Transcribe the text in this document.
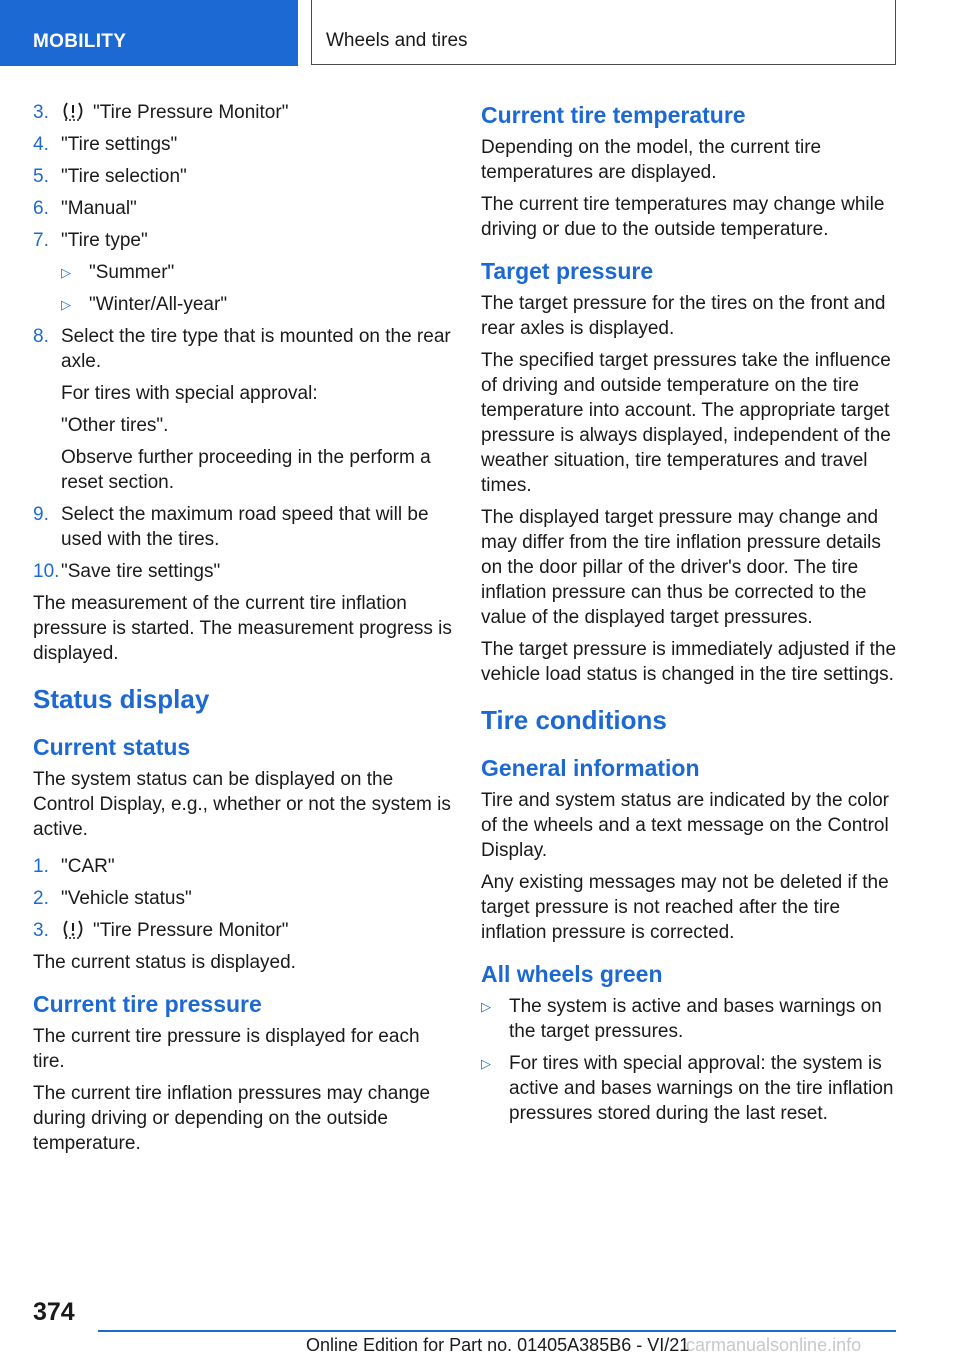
MOBILITY	Wheels and tires
3.	"Tire Pressure Monitor"
4. "Tire settings"
5. "Tire selection"
6. "Manual"
7. "Tire type"
▷ "Summer"
▷ "Winter/All-year"
8. Select the tire type that is mounted on the rear axle.

For tires with special approval:

"Other tires".

Observe further proceeding in the perform a reset section.

9. Select the maximum road speed that will be used with the tires.
10. "Save tire settings"

The measurement of the current tire inflation pressure is started. The measurement progress is displayed.

Status display
Current status

The system status can be displayed on the Control Display, e.g., whether or not the system is active.

1. "CAR"
2. "Vehicle status"
3.	"Tire Pressure Monitor"

The current status is displayed.

Current tire pressure

The current tire pressure is displayed for each tire.

The current tire inflation pressures may change during driving or depending on the outside temperature.

Current tire temperature

Depending on the model, the current tire temperatures are displayed.

The current tire temperatures may change while driving or due to the outside temperature.

Target pressure

The target pressure for the tires on the front and rear axles is displayed.

The specified target pressures take the influence of driving and outside temperature on the tire temperature into account. The appropriate target pressure is always displayed, independent of the weather situation, tire temperatures and travel times.

The displayed target pressure may change and may differ from the tire inflation pressure details on the door pillar of the driver's door. The tire inflation pressure can thus be corrected to the value of the displayed target pressures.

The target pressure is immediately adjusted if the vehicle load status is changed in the tire settings.

Tire conditions
General information

Tire and system status are indicated by the color of the wheels and a text message on the Control Display.

Any existing messages may not be deleted if the target pressure is not reached after the tire inflation pressure is corrected.

All wheels green
▷ The system is active and bases warnings on the target pressures.
▷ For tires with special approval: the system is active and bases warnings on the tire inflation pressures stored during the last reset.
374
Online Edition for Part no. 01405A385B6 - VI/21
carmanualsonline.info
